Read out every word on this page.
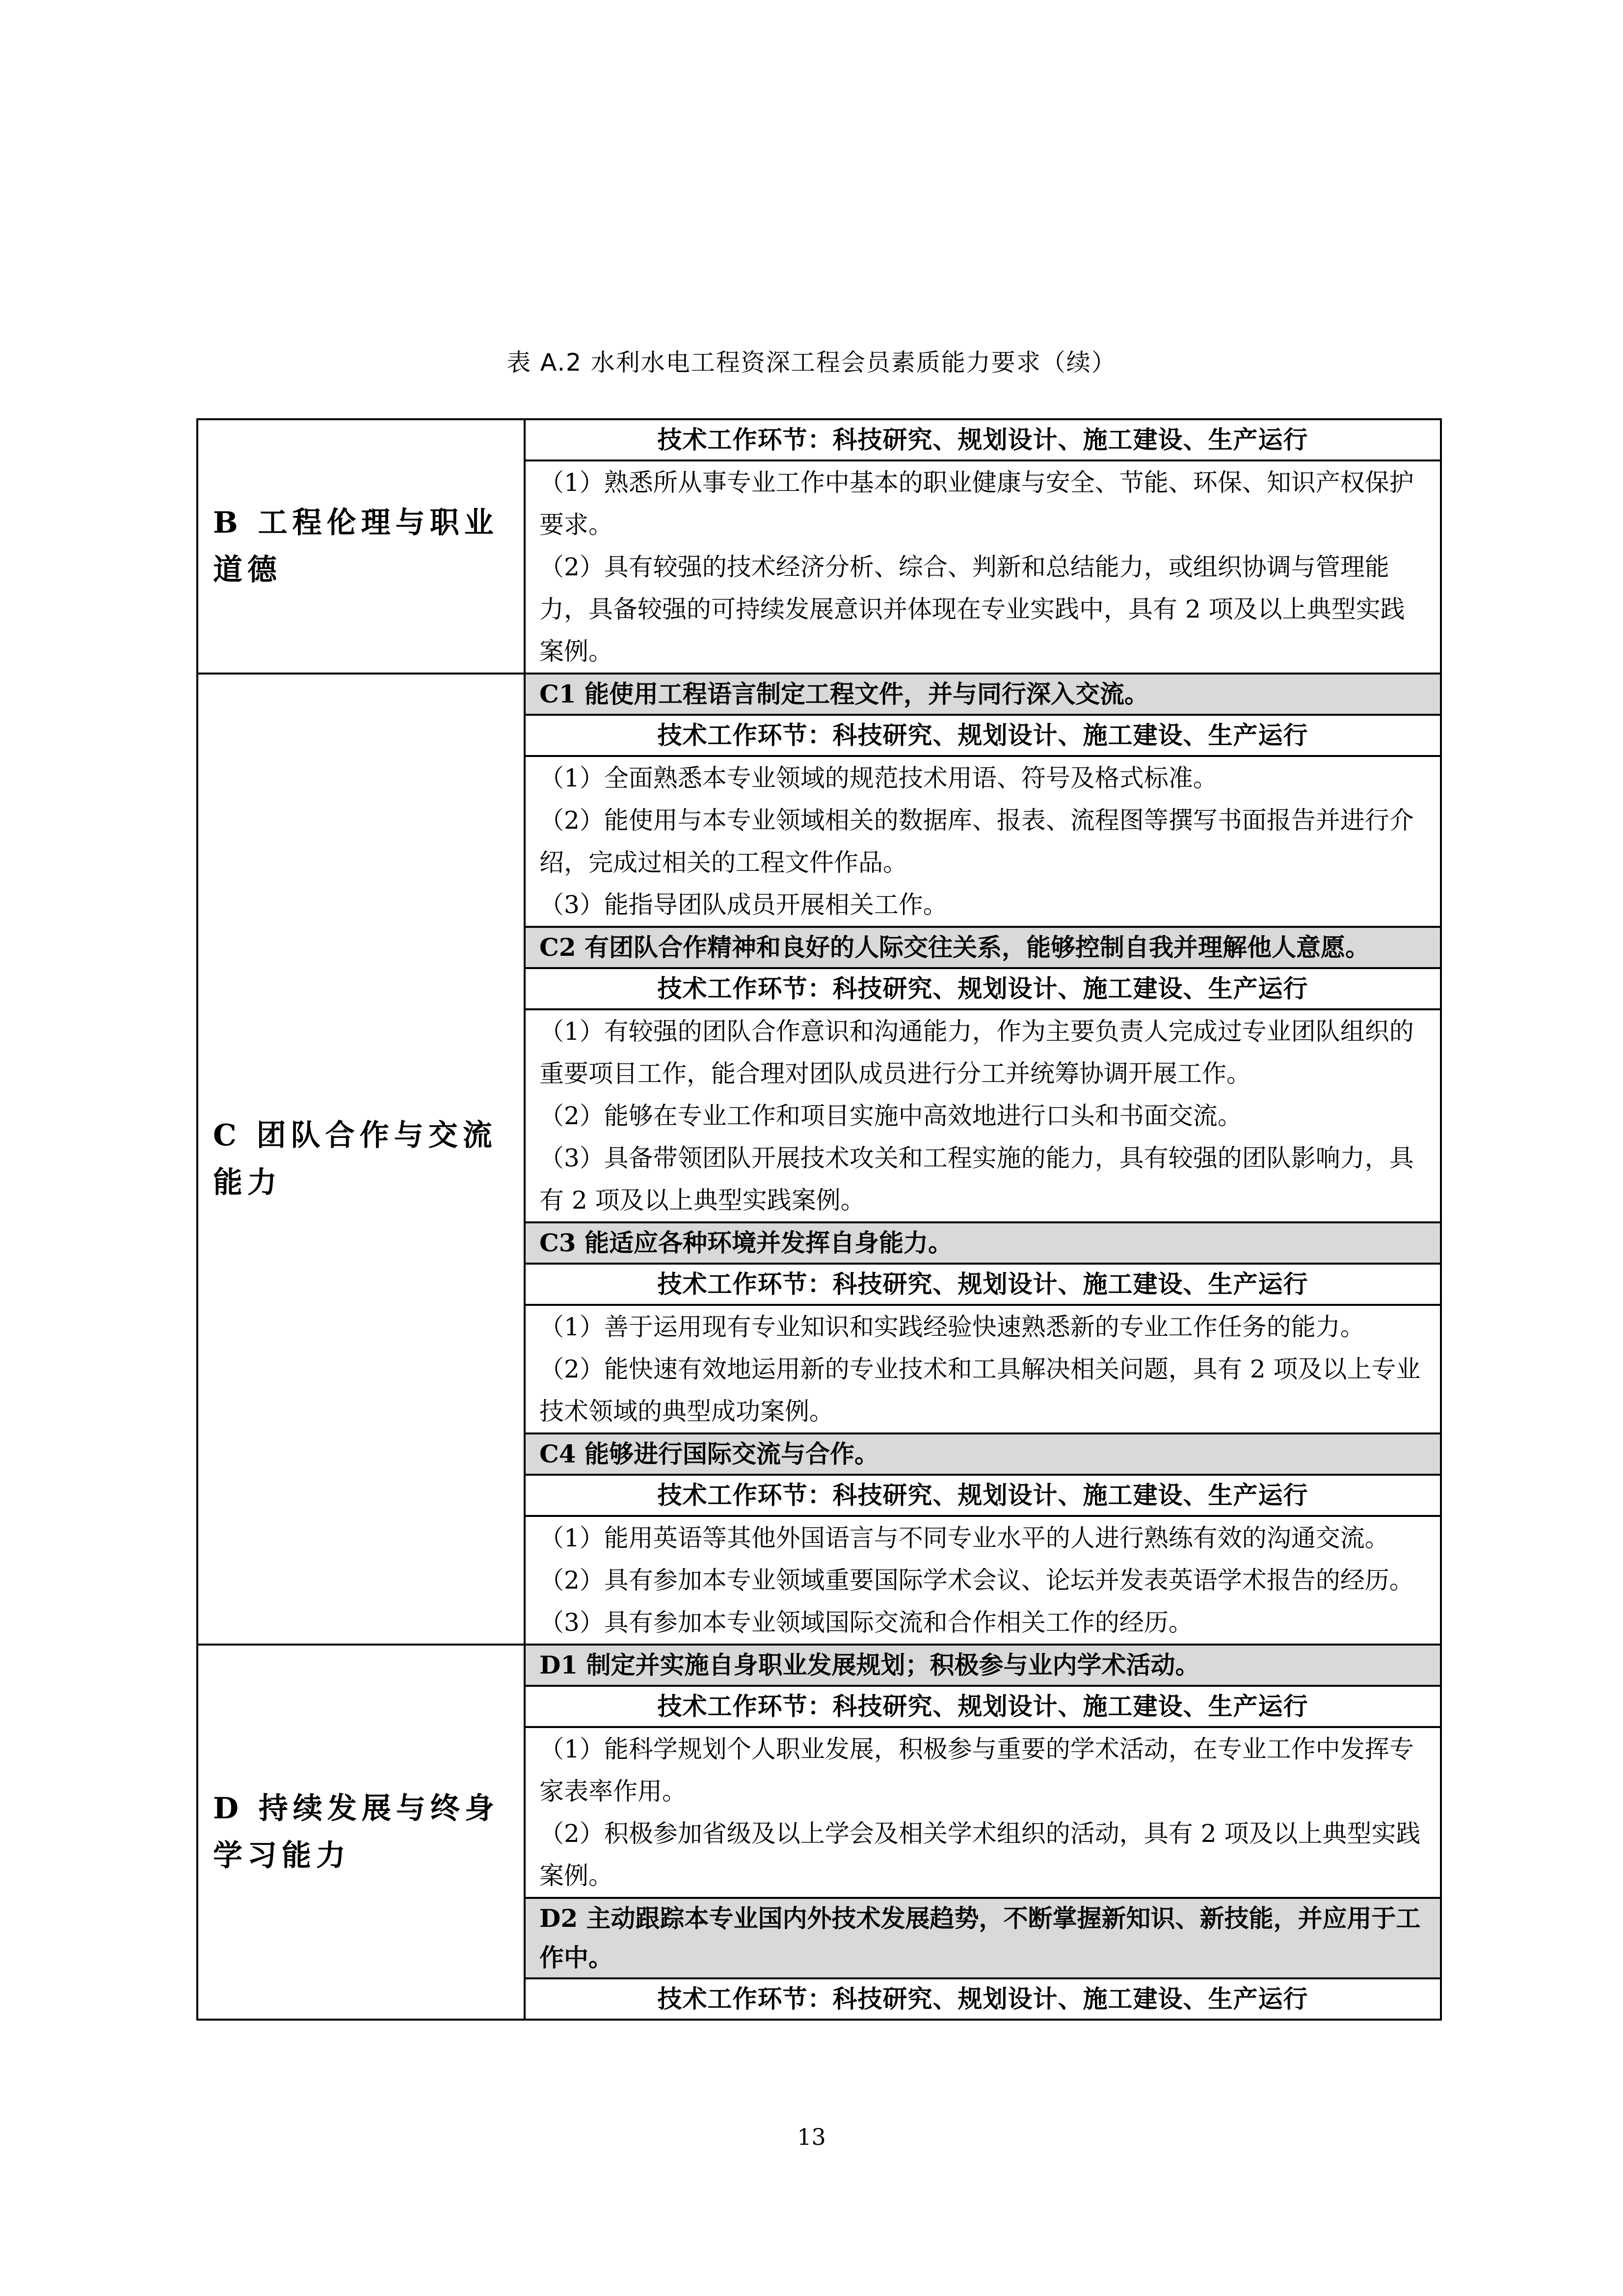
表 A.2 水利水电工程资深工程会员素质能力要求（续）
B 工程伦理与职业道德	技术工作环节：科技研究、规划设计、施工建设、生产运行

	（1）熟悉所从事专业工作中基本的职业健康与安全、节能、环保、知识产权保护要求。
（2）具有较强的技术经济分析、综合、判新和总结能力，或组织协调与管理能力，具备较强的可持续发展意识并体现在专业实践中，具有 2 项及以上典型实践案例。

C 团队合作与交流能力	C1 能使用工程语言制定工程文件，并与同行深入交流。
	技术工作环节：科技研究、规划设计、施工建设、生产运行

	（1）全面熟悉本专业领域的规范技术用语、符号及格式标准。
（2）能使用与本专业领域相关的数据库、报表、流程图等撰写书面报告并进行介绍，完成过相关的工程文件作品。
（3）能指导团队成员开展相关工作。

	C2 有团队合作精神和良好的人际交往关系，能够控制自我并理解他人意愿。
	技术工作环节：科技研究、规划设计、施工建设、生产运行

	（1）有较强的团队合作意识和沟通能力，作为主要负责人完成过专业团队组织的重要项目工作，能合理对团队成员进行分工并统筹协调开展工作。
（2）能够在专业工作和项目实施中高效地进行口头和书面交流。
（3）具备带领团队开展技术攻关和工程实施的能力，具有较强的团队影响力，具有 2 项及以上典型实践案例。

	C3 能适应各种环境并发挥自身能力。
	技术工作环节：科技研究、规划设计、施工建设、生产运行

	（1）善于运用现有专业知识和实践经验快速熟悉新的专业工作任务的能力。
（2）能快速有效地运用新的专业技术和工具解决相关问题，具有 2 项及以上专业技术领域的典型成功案例。

	C4 能够进行国际交流与合作。
	技术工作环节：科技研究、规划设计、施工建设、生产运行

	（1）能用英语等其他外国语言与不同专业水平的人进行熟练有效的沟通交流。
（2）具有参加本专业领域重要国际学术会议、论坛并发表英语学术报告的经历。
（3）具有参加本专业领域国际交流和合作相关工作的经历。

D 持续发展与终身学习能力	D1 制定并实施自身职业发展规划；积极参与业内学术活动。
	技术工作环节：科技研究、规划设计、施工建设、生产运行

	（1）能科学规划个人职业发展，积极参与重要的学术活动，在专业工作中发挥专家表率作用。
（2）积极参加省级及以上学会及相关学术组织的活动，具有 2 项及以上典型实践案例。

	D2 主动跟踪本专业国内外技术发展趋势，不断掌握新知识、新技能，并应用于工作中。
	技术工作环节：科技研究、规划设计、施工建设、生产运行
13
